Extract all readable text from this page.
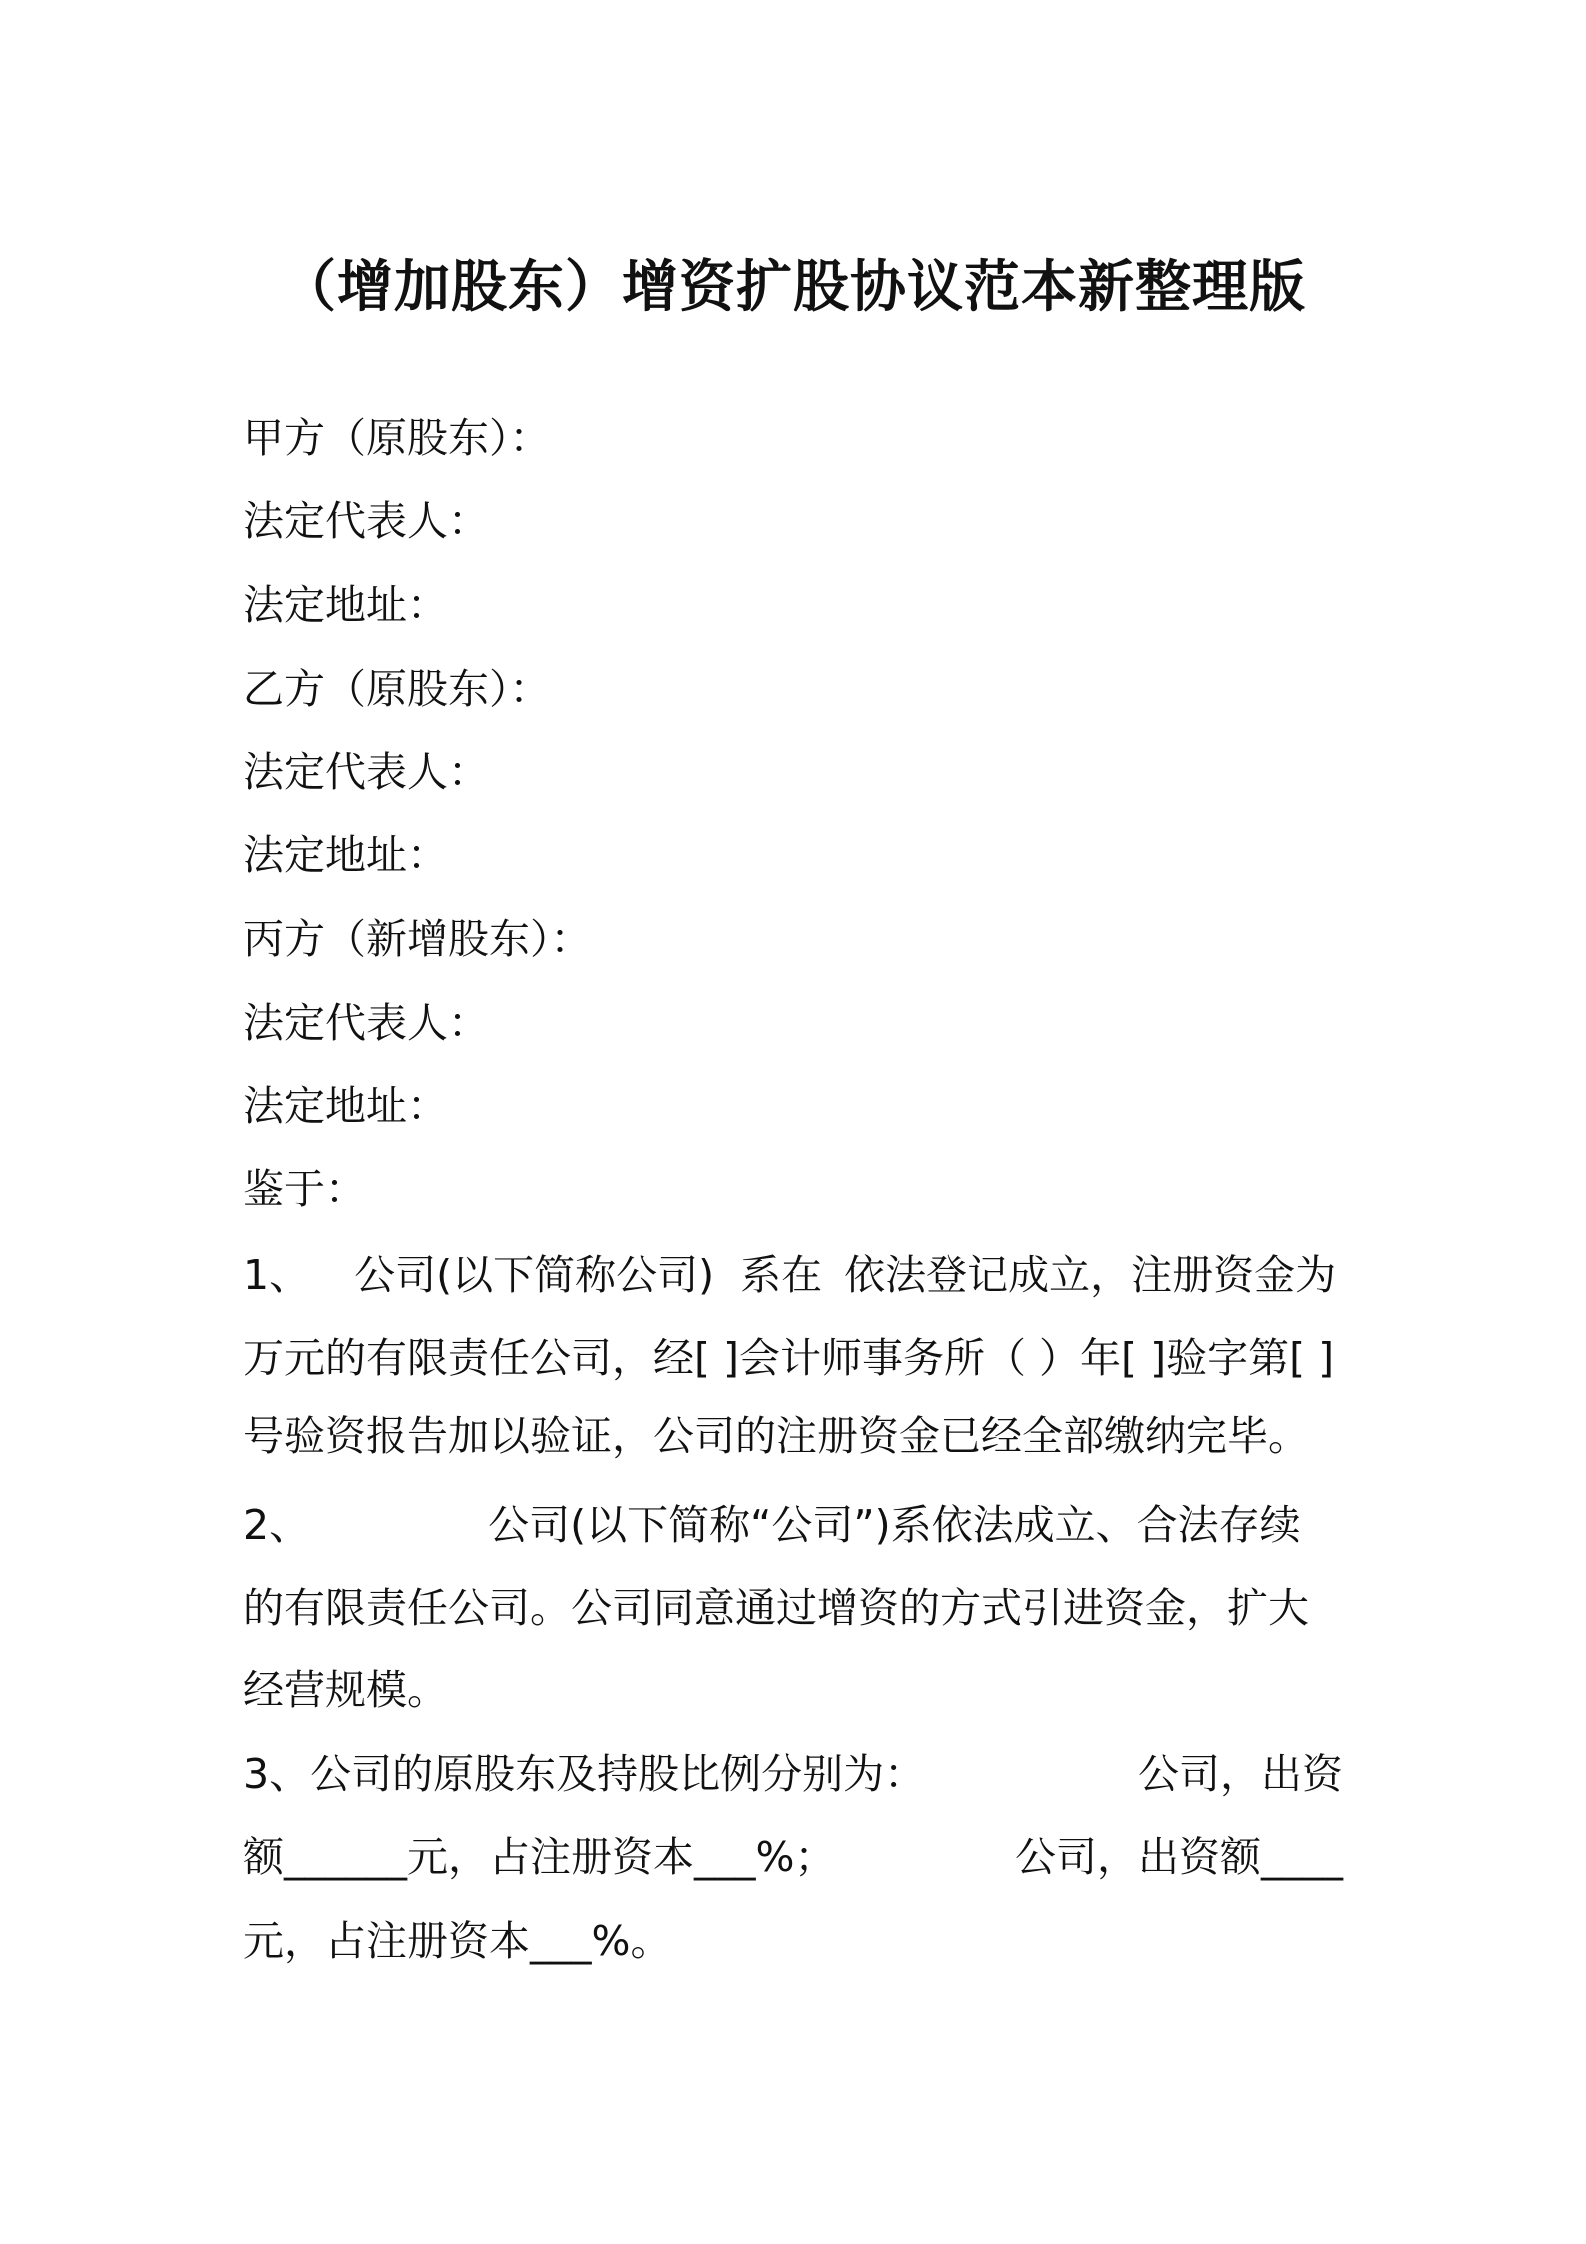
（增加股东）增资扩股协议范本新整理版

甲方（原股东）：

法定代表人：

法定地址：

乙方（原股东）：

法定代表人：

法定地址：

丙方（新增股东）：

法定代表人：

法定地址：

鉴于：

1、 公司(以下简称公司) 系在 依法登记成立，注册资金为

万元的有限责任公司，经[ ]会计师事务所（ ）年[ ]验字第[ ]

号验资报告加以验证，公司的注册资金已经全部缴纳完毕。

2、	公司(以下简称“公司”)系依法成立、合法存续

的有限责任公司。公司同意通过增资的方式引进资金，扩大

经营规模。

3、公司的原股东及持股比例分别为：	公司，出资
额______元，占注册资本___%；	公司，出资额____

元，占注册资本___%。
